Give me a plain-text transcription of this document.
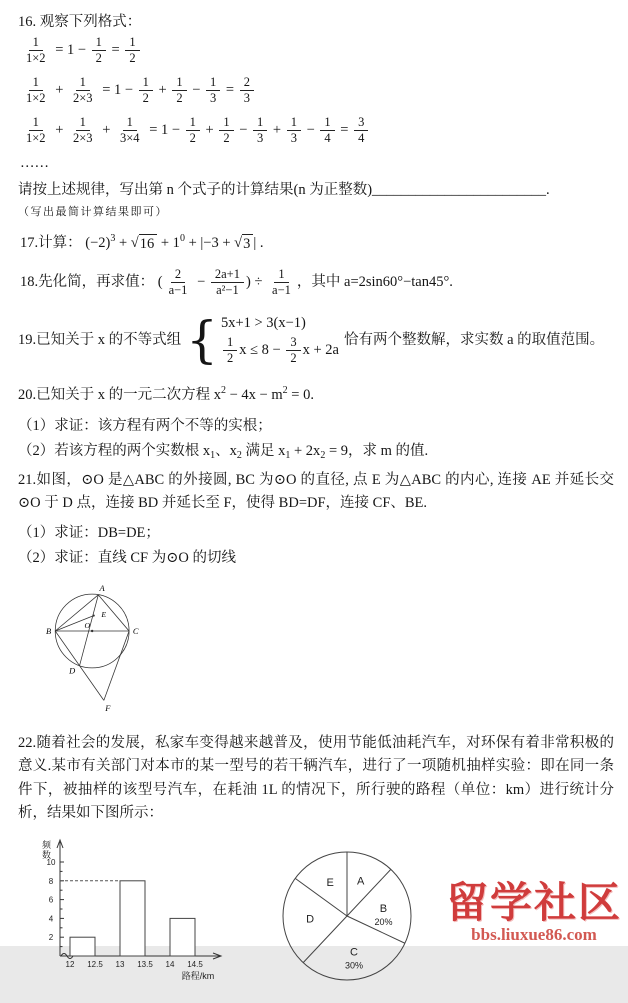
16. 观察下列格式：
$\frac{1}{1\times 2} = 1 - \frac{1}{2} = \frac{1}{2}$
$\frac{1}{1\times 2} + \frac{1}{2\times 3} = 1 - \frac{1}{2} + \frac{1}{2} - \frac{1}{3} = \frac{2}{3}$
$\frac{1}{1\times 2} + \frac{1}{2\times 3} + \frac{1}{3\times 4} = 1 - \frac{1}{2} + \frac{1}{2} - \frac{1}{3} + \frac{1}{3} - \frac{1}{4} = \frac{3}{4}$
……
请按上述规律，写出第 n 个式子的计算结果(n 为正整数)________________________.
（写出最简计算结果即可）
17.计算： (−2) 3 + √ 16 + 1 0 + |−3 + √ 3 | .
18.先化简，再求值： ( $\frac{2}{a-1} - \frac{2a+1}{\text{a²−1}}$ ) ÷ $\frac{1}{a-1}$ ，其中 a=2sin60°−tan45°.
19.已知关于 x 的不等式组 { 5x+1 > 3(x−1)
$\frac{1}{2}$ $x \le 8 - \frac{3}{2}$ x + 2a
恰有两个整数解，求实数 a 的取值范围。
20.已知关于 x 的一元二次方程 x 2 − 4x − m 2 = 0.
（1）求证：该方程有两个不等的实根；
（2）若该方程的两个实数根 x 1 、x 2 满足 x 1 + 2x 2 = 9，求 m 的值.
21.如图，⊙O 是△ABC 的外接圆, BC 为⊙O 的直径, 点 E 为△ABC 的内心, 连接 AE 并延长交⊙O 于 D 点，连接 BD 并延长至 F，使得 BD=DF，连接 CF、BE.
（1）求证：DB=DE；
（2）求证：直线 CF 为⊙O 的切线
A
E
O
B	C
D
F
22.随着社会的发展，私家车变得越来越普及，使用节能低油耗汽车，对环保有着非常积极的意义.某市有关部门对本市的某一型号的若干辆汽车，进行了一项随机抽样实验：即在同一条件下，被抽样的该型号汽车，在耗油 1L 的情况下，所行驶的路程（单位：km）进行统计分析，结果如下图所示：
2
4
6
8
10
12 12.5 13 13.5 14 14.5
频数
路程/km
A
B
20%
C
30%
D
E	留学社区
bbs.liuxue86.com
